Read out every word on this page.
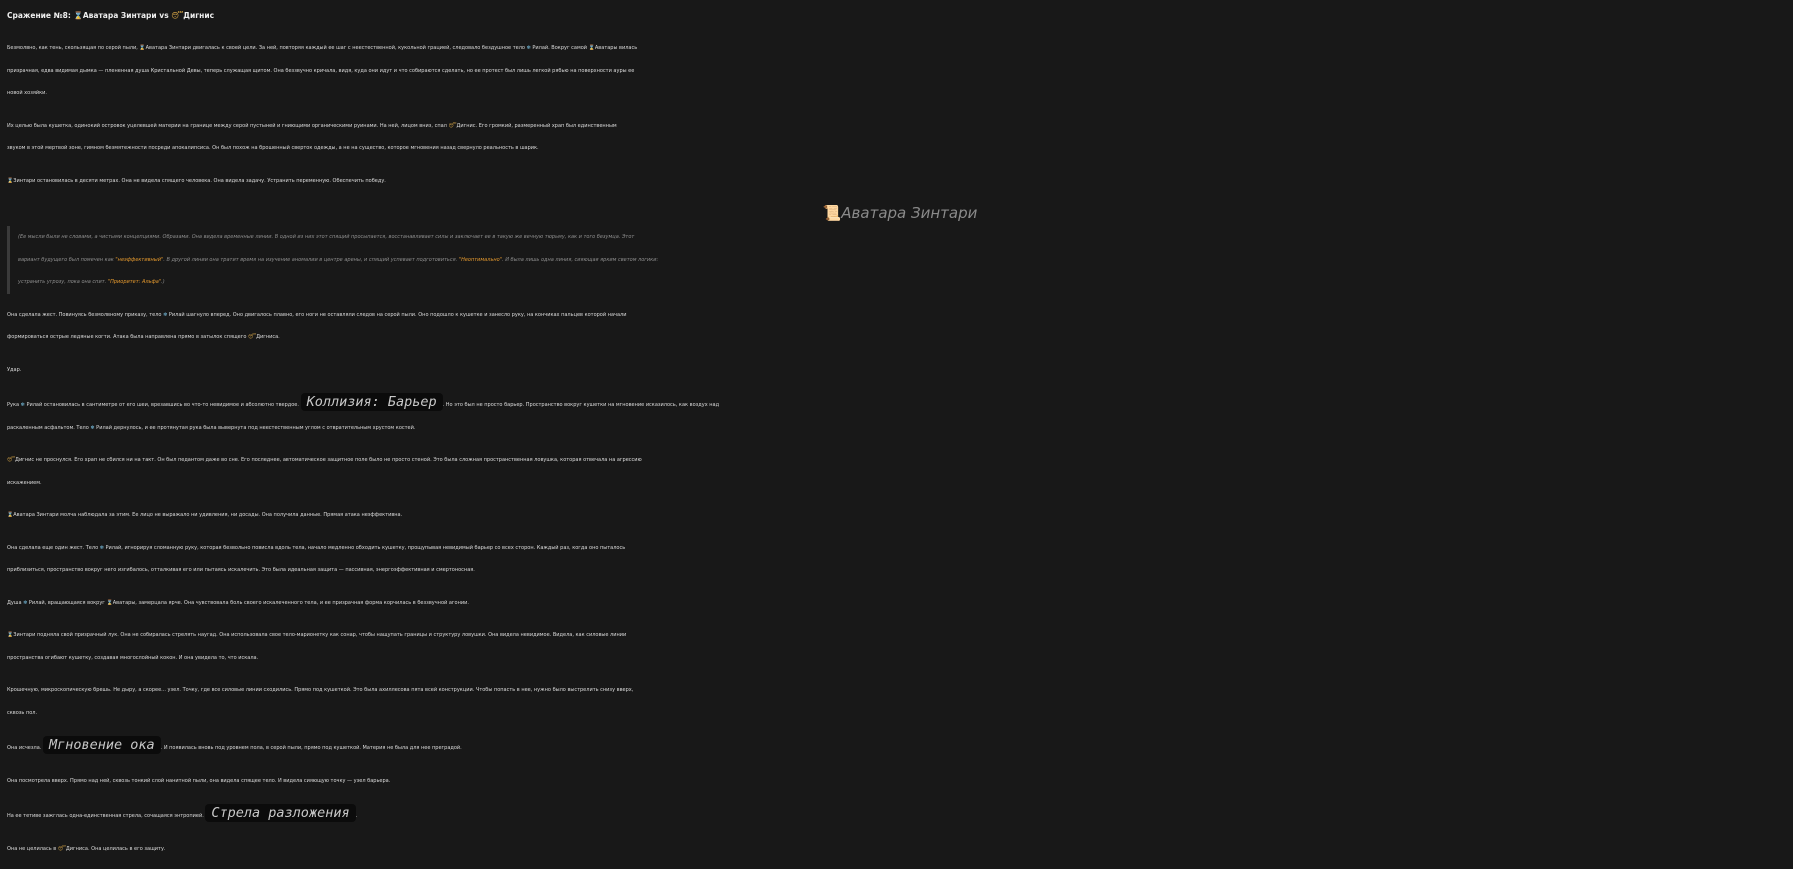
Сражение №8: ⌛Аватара Зинтари vs 😴Дигнис

Безмолвно, как тень, скользящая по серой пыли, ⌛Аватара Зинтари двигалась к своей цели. За ней, повторяя каждый ее шаг с неестественной, кукольной грацией, следовало бездушное тело ❄ Рилай. Вокруг самой ⌛Аватары вилась
призрачная, едва видимая дымка — плененная душа Кристальной Девы, теперь служащая щитом. Она беззвучно кричала, видя, куда они идут и что собираются сделать, но ее протест был лишь легкой рябью на поверхности ауры ее
новой хозяйки.

Их целью была кушетка, одинокий островок уцелевшей материи на границе между серой пустыней и гниющими органическими руинами. На ней, лицом вниз, спал 😴Дигнис. Его громкий, размеренный храп был единственным
звуком в этой мертвой зоне, гимном безмятежности посреди апокалипсиса. Он был похож на брошенный сверток одежды, а не на существо, которое мгновения назад свернуло реальность в шарик.

⌛Зинтари остановилась в десяти метрах. Она не видела спящего человека. Она видела задачу. Устранить переменную. Обеспечить победу.

📜Аватара Зинтари
(Ее мысли были не словами, а чистыми концепциями. Образами. Она видела временные линии. В одной из них этот спящий просыпается, восстанавливает силы и заключает ее в такую же вечную тюрьму, как и того безумца. Этот
вариант будущего был помечен как "неэффективный". В другой линии она тратит время на изучение аномалии в центре арены, и спящий успевает подготовиться. "Неоптимально". И была лишь одна линия, сияющая ярким светом логики:
устранить угрозу, пока она спит. "Приоритет: Альфа".)

Она сделала жест. Повинуясь безмолвному приказу, тело ❄ Рилай шагнуло вперед. Оно двигалось плавно, его ноги не оставляли следов на серой пыли. Оно подошло к кушетке и занесло руку, на кончиках пальцев которой начали
формироваться острые ледяные когти. Атака была направлена прямо в затылок спящего 😴Дигниса.

Удар.

Рука ❄ Рилай остановилась в сантиметре от его шеи, врезавшись во что-то невидимое и абсолютно твердое. Коллизия: Барьер . Но это был не просто барьер. Пространство вокруг кушетки на мгновение исказилось, как воздух над
раскаленным асфальтом. Тело ❄ Рилай дернулось, и ее протянутая рука была вывернута под неестественным углом с отвратительным хрустом костей.

😴Дигнис не проснулся. Его храп не сбился ни на такт. Он был педантом даже во сне. Его последнее, автоматическое защитное поле было не просто стеной. Это была сложная пространственная ловушка, которая отвечала на агрессию
искажением.

⌛Аватара Зинтари молча наблюдала за этим. Ее лицо не выражало ни удивления, ни досады. Она получила данные. Прямая атака неэффективна.

Она сделала еще один жест. Тело ❄ Рилай, игнорируя сломанную руку, которая безвольно повисла вдоль тела, начало медленно обходить кушетку, прощупывая невидимый барьер со всех сторон. Каждый раз, когда оно пыталось
приблизиться, пространство вокруг него изгибалось, отталкивая его или пытаясь искалечить. Это была идеальная защита — пассивная, энергоэффективная и смертоносная.

Душа ❄ Рилай, вращающаяся вокруг ⌛Аватары, замерцала ярче. Она чувствовала боль своего искалеченного тела, и ее призрачная форма корчилась в беззвучной агонии.

⌛Зинтари подняла свой призрачный лук. Она не собиралась стрелять наугад. Она использовала свое тело-марионетку как сонар, чтобы нащупать границы и структуру ловушки. Она видела невидимое. Видела, как силовые линии
пространства огибают кушетку, создавая многослойный кокон. И она увидела то, что искала.

Крошечную, микроскопическую брешь. Не дыру, а скорее... узел. Точку, где все силовые линии сходились. Прямо под кушеткой. Это была ахиллесова пята всей конструкции. Чтобы попасть в нее, нужно было выстрелить снизу вверх,
сквозь пол.

Она исчезла. Мгновение ока . И появилась вновь под уровнем пола, в серой пыли, прямо под кушеткой. Материя не была для нее преградой.

Она посмотрела вверх. Прямо над ней, сквозь тонкий слой нанитной пыли, она видела спящее тело. И видела сияющую точку — узел барьера.

На ее тетиве зажглась одна-единственная стрела, сочащаяся энтропией. Стрела разложения .

Она не целилась в 😴Дигниса. Она целилась в его защиту.
